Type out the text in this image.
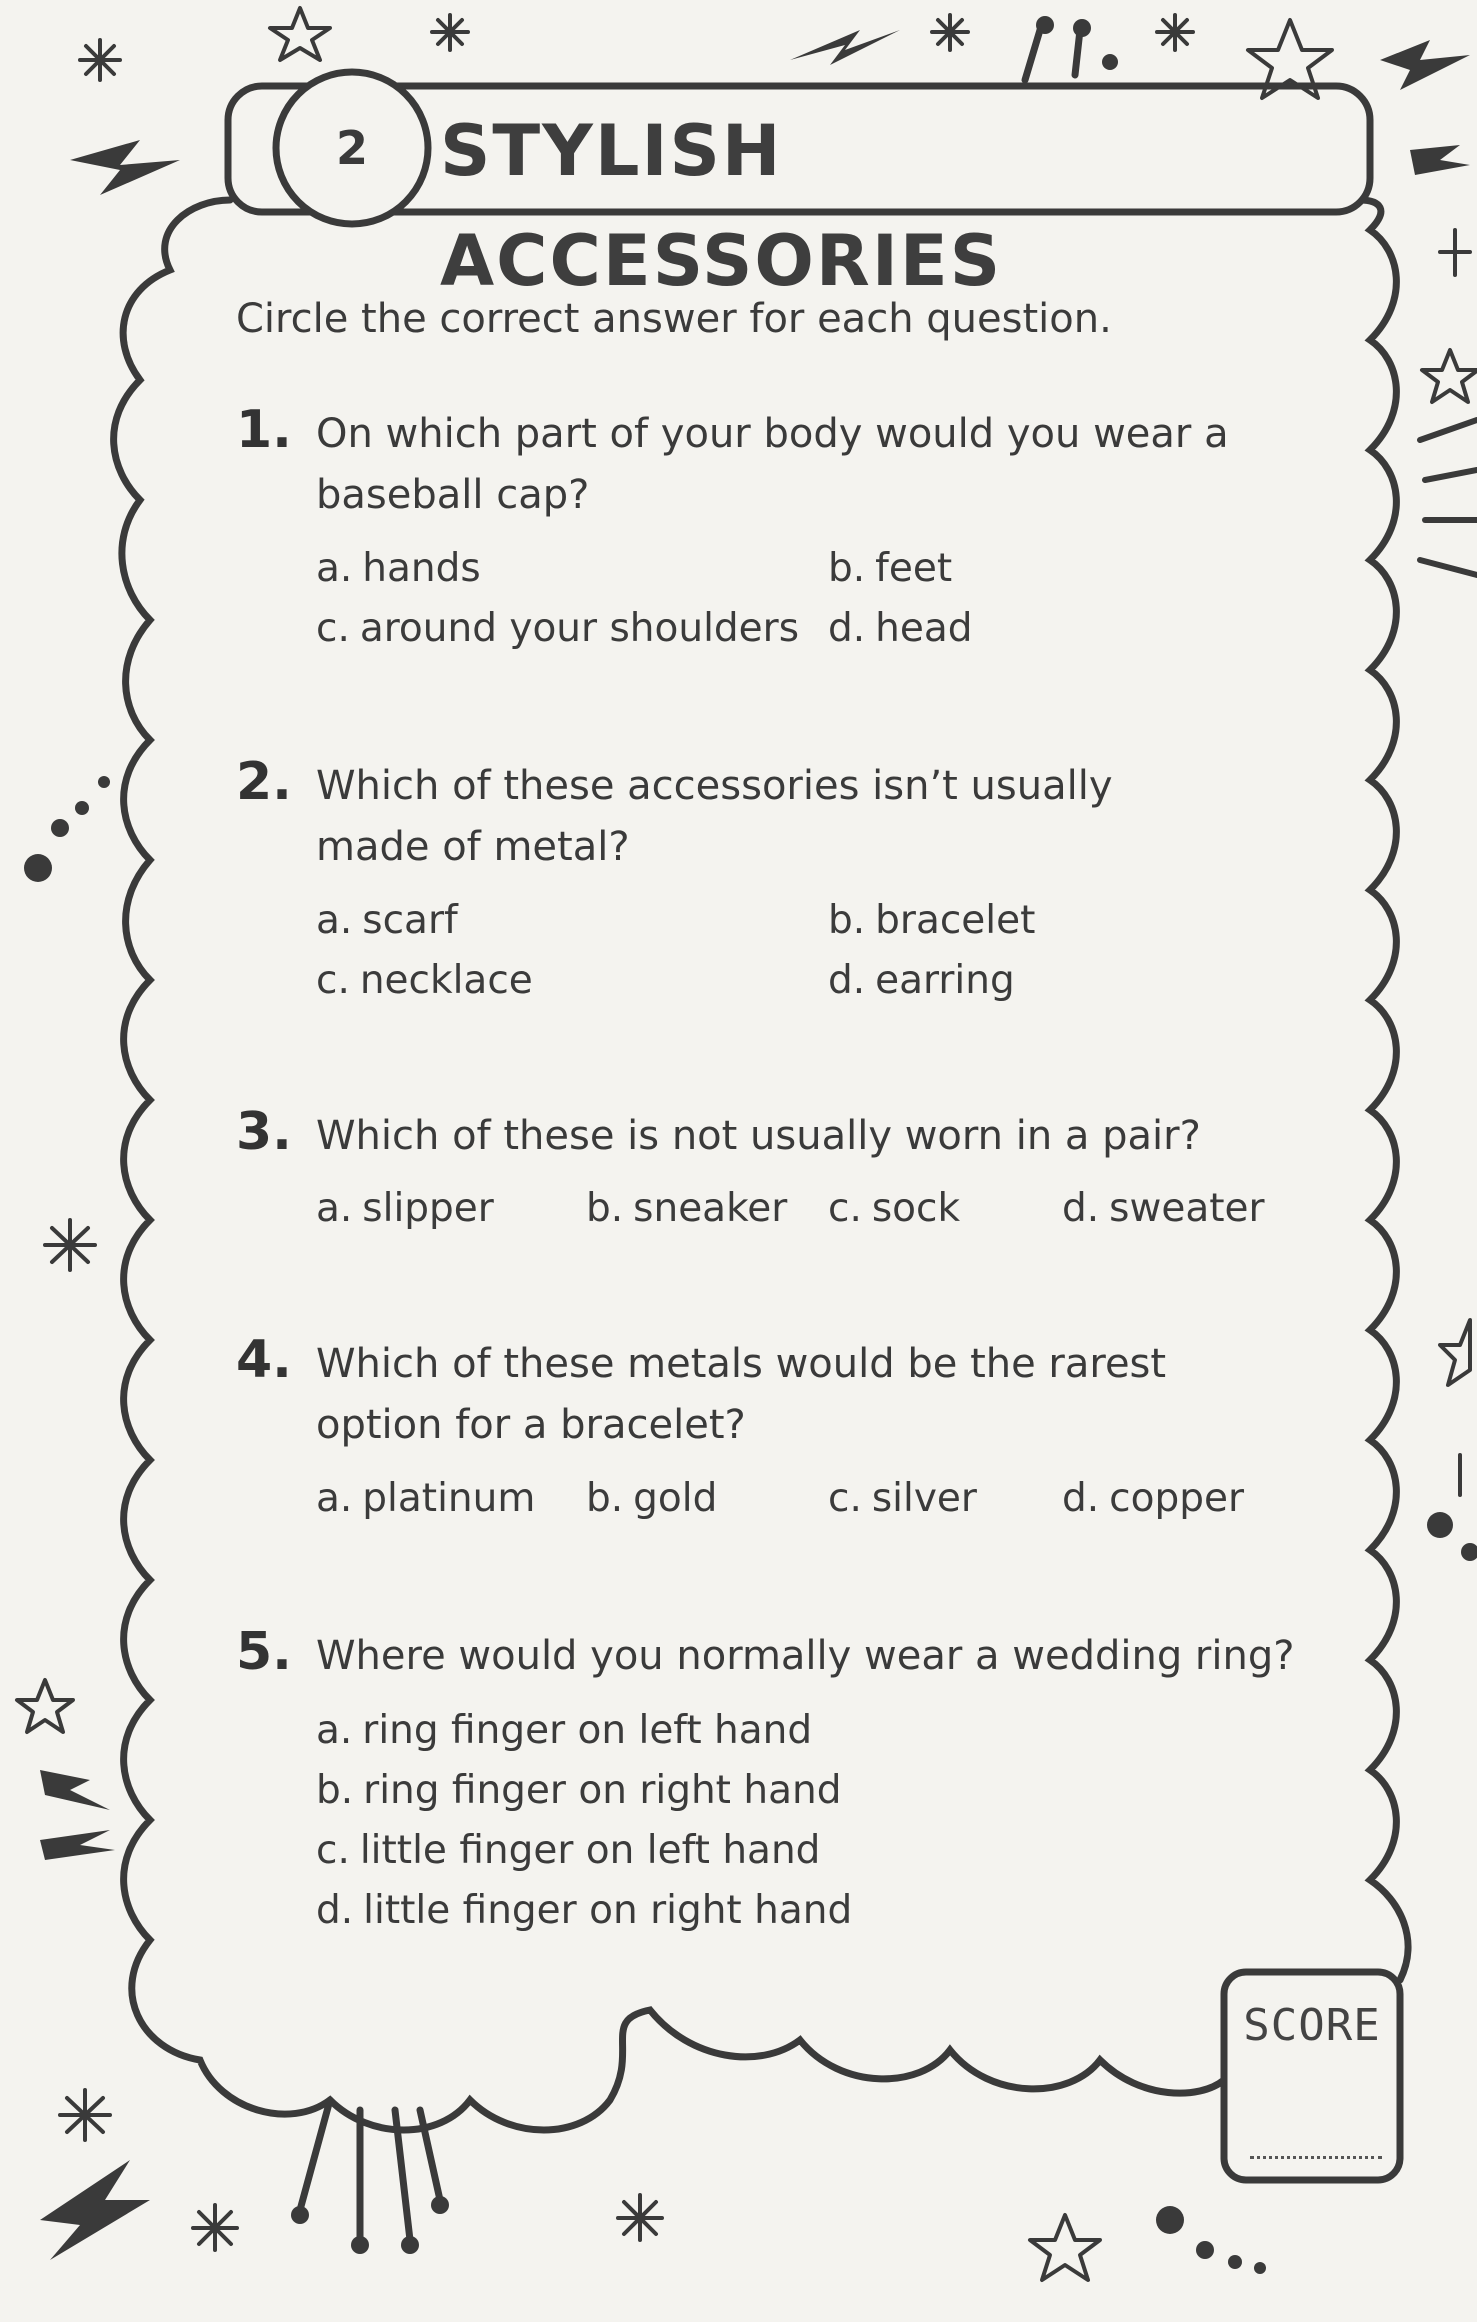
2	STYLISH ACCESSORIES
Circle the correct answer for each question.
1. On which part of your body would you wear a baseball cap?
a. hands	b. feet
c. around your shoulders d. head
2. Which of these accessories isn’t usually made of metal?
a. scarf	b. bracelet
c. necklace	d. earring
3. Which of these is not usually worn in a pair?
a. slipper b. sneaker c. sock	d. sweater
4. Which of these metals would be the rarest option for a bracelet?
a. platinum b. gold	c. silver d. copper
5. Where would you normally wear a wedding ring?
a. ring finger on left hand
b. ring finger on right hand
c. little finger on left hand
d. little finger on right hand
SCORE
